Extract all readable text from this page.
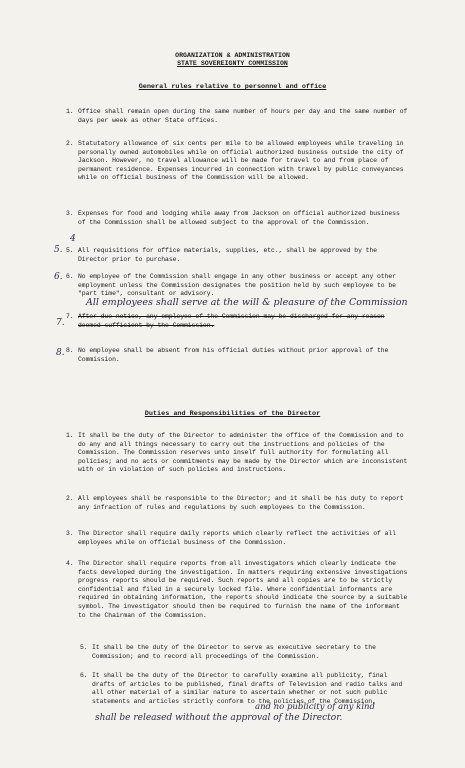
ORGANIZATION & ADMINISTRATION
STATE SOVEREIGNTY COMMISSION
General rules relative to personnel and office
1. Office shall remain open during the same number of hours per day and the same number of days per week as other State offices.

2. Statutatory allowance of six cents per mile to be allowed employees while traveling in personally owned automobiles while on official authorized business outside the city of Jackson. However, no travel allowance will be made for travel to and from place of permanent residence. Expenses incurred in connection with travel by public conveyances while on official business of the Commission will be allowed.

3. Expenses for food and lodging while away from Jackson on official authorized business of the Commission shall be allowed subject to the approval of the Commission.

4
5. All requisitions for office materials, supplies, etc., shall be approved by the Director prior to purchase.

5.
6. No employee of the Commission shall engage in any other business or accept any other employment unless the Commission designates the position held by such employee to be "part time", consultant or advisory.

6.
All employees shall serve at the will & pleasure of the Commission
7. After due notice, any employee of the Commission may be discharged for any reason deemed sufficient by the Commission.

7.
8. No employee shall be absent from his official duties without prior approval of the Commission.

8.
Duties and Responsibilities of the Director
1. It shall be the duty of the Director to administer the office of the Commission and to do any and all things necessary to carry out the instructions and policies of the Commission. The Commission reserves unto inself full authority for formulating all policies; and no acts or commitments may be made by the Director which are inconsistent with or in violation of such policies and instructions.

2. All employees shall be responsible to the Director; and it shall be his duty to report any infraction of rules and regulations by such employees to the Commission.

3. The Director shall require daily reports which clearly reflect the activities of all employees while on official business of the Commission.

4. The Director shall require reports from all investigators which clearly indicate the facts developed during the investigation. In matters requiring extensive investigations progress reports should be required. Such reports and all copies are to be strictly confidential and filed in a securely locked file. Where confidential informants are required in obtaining information, the reports should indicate the source by a suitable symbol. The investigator should then be required to furnish the name of the informant to the Chairman of the Commission.

5. It shall be the duty of the Director to serve as executive secretary to the Commission; and to record all proceedings of the Commission.

6. It shall be the duty of the Director to carefully examine all publicity, final drafts of articles to be published, final drafts of Television and radio talks and all other material of a similar nature to ascertain whether or not such public statements and articles strictly conform to the policies of the Commission,

and no publicity of any kind
shall be released without the approval of the Director.
